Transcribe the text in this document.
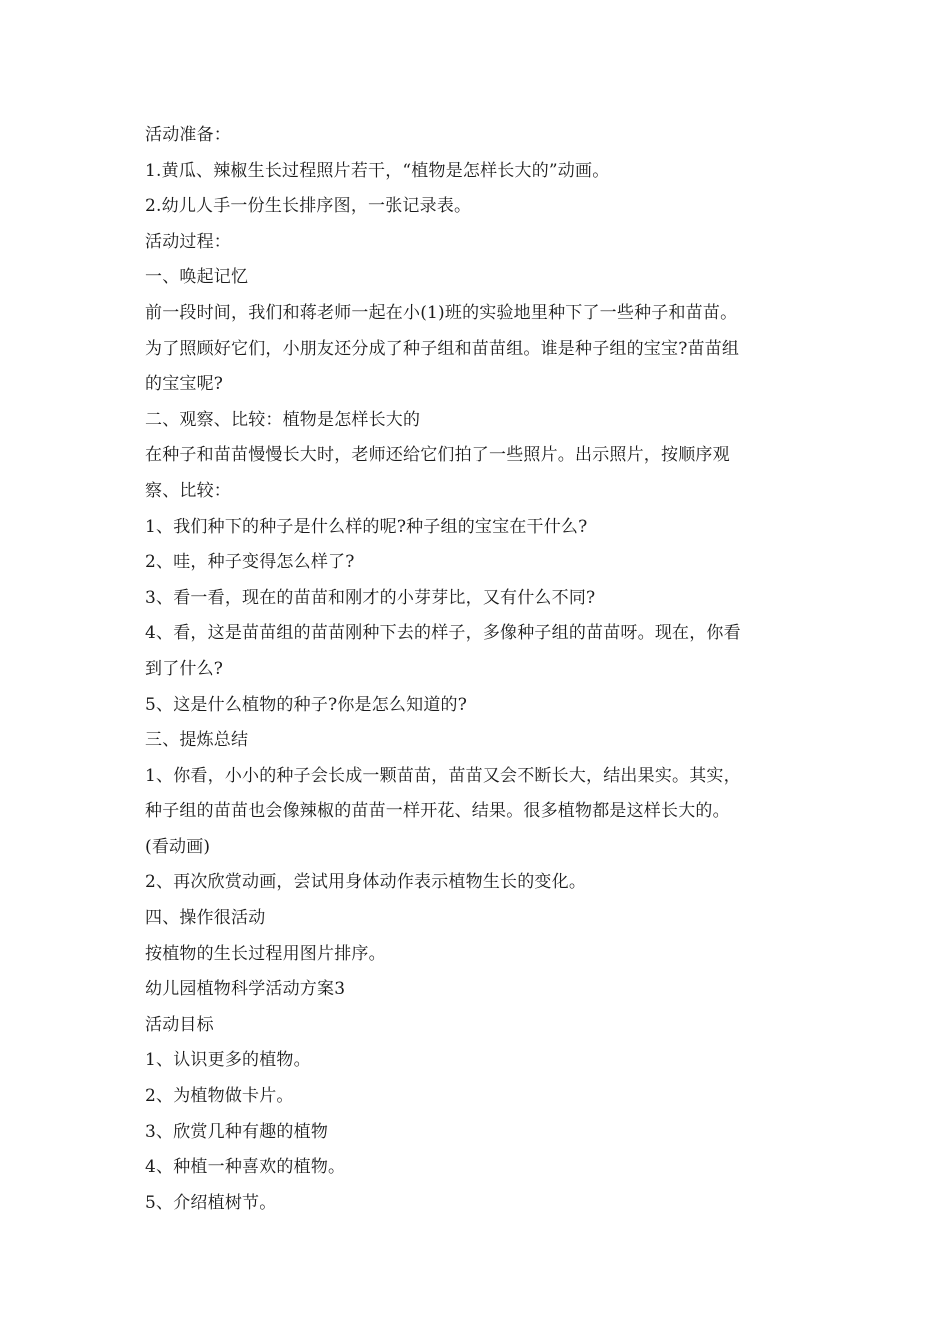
活动准备：

1.黄瓜、辣椒生长过程照片若干，“植物是怎样长大的”动画。

2.幼儿人手一份生长排序图，一张记录表。

活动过程：

一、唤起记忆

前一段时间，我们和蒋老师一起在小(1)班的实验地里种下了一些种子和苗苗。

为了照顾好它们，小朋友还分成了种子组和苗苗组。谁是种子组的宝宝?苗苗组

的宝宝呢?

二、观察、比较：植物是怎样长大的

在种子和苗苗慢慢长大时，老师还给它们拍了一些照片。出示照片，按顺序观

察、比较：

1、我们种下的种子是什么样的呢?种子组的宝宝在干什么?

2、哇，种子变得怎么样了?

3、看一看，现在的苗苗和刚才的小芽芽比，又有什么不同?

4、看，这是苗苗组的苗苗刚种下去的样子，多像种子组的苗苗呀。现在，你看

到了什么?

5、这是什么植物的种子?你是怎么知道的?

三、提炼总结

1、你看，小小的种子会长成一颗苗苗，苗苗又会不断长大，结出果实。其实，

种子组的苗苗也会像辣椒的苗苗一样开花、结果。很多植物都是这样长大的。

(看动画)

2、再次欣赏动画，尝试用身体动作表示植物生长的变化。

四、操作很活动

按植物的生长过程用图片排序。

幼儿园植物科学活动方案3

活动目标

1、认识更多的植物。

2、为植物做卡片。

3、欣赏几种有趣的植物

4、种植一种喜欢的植物。

5、介绍植树节。
